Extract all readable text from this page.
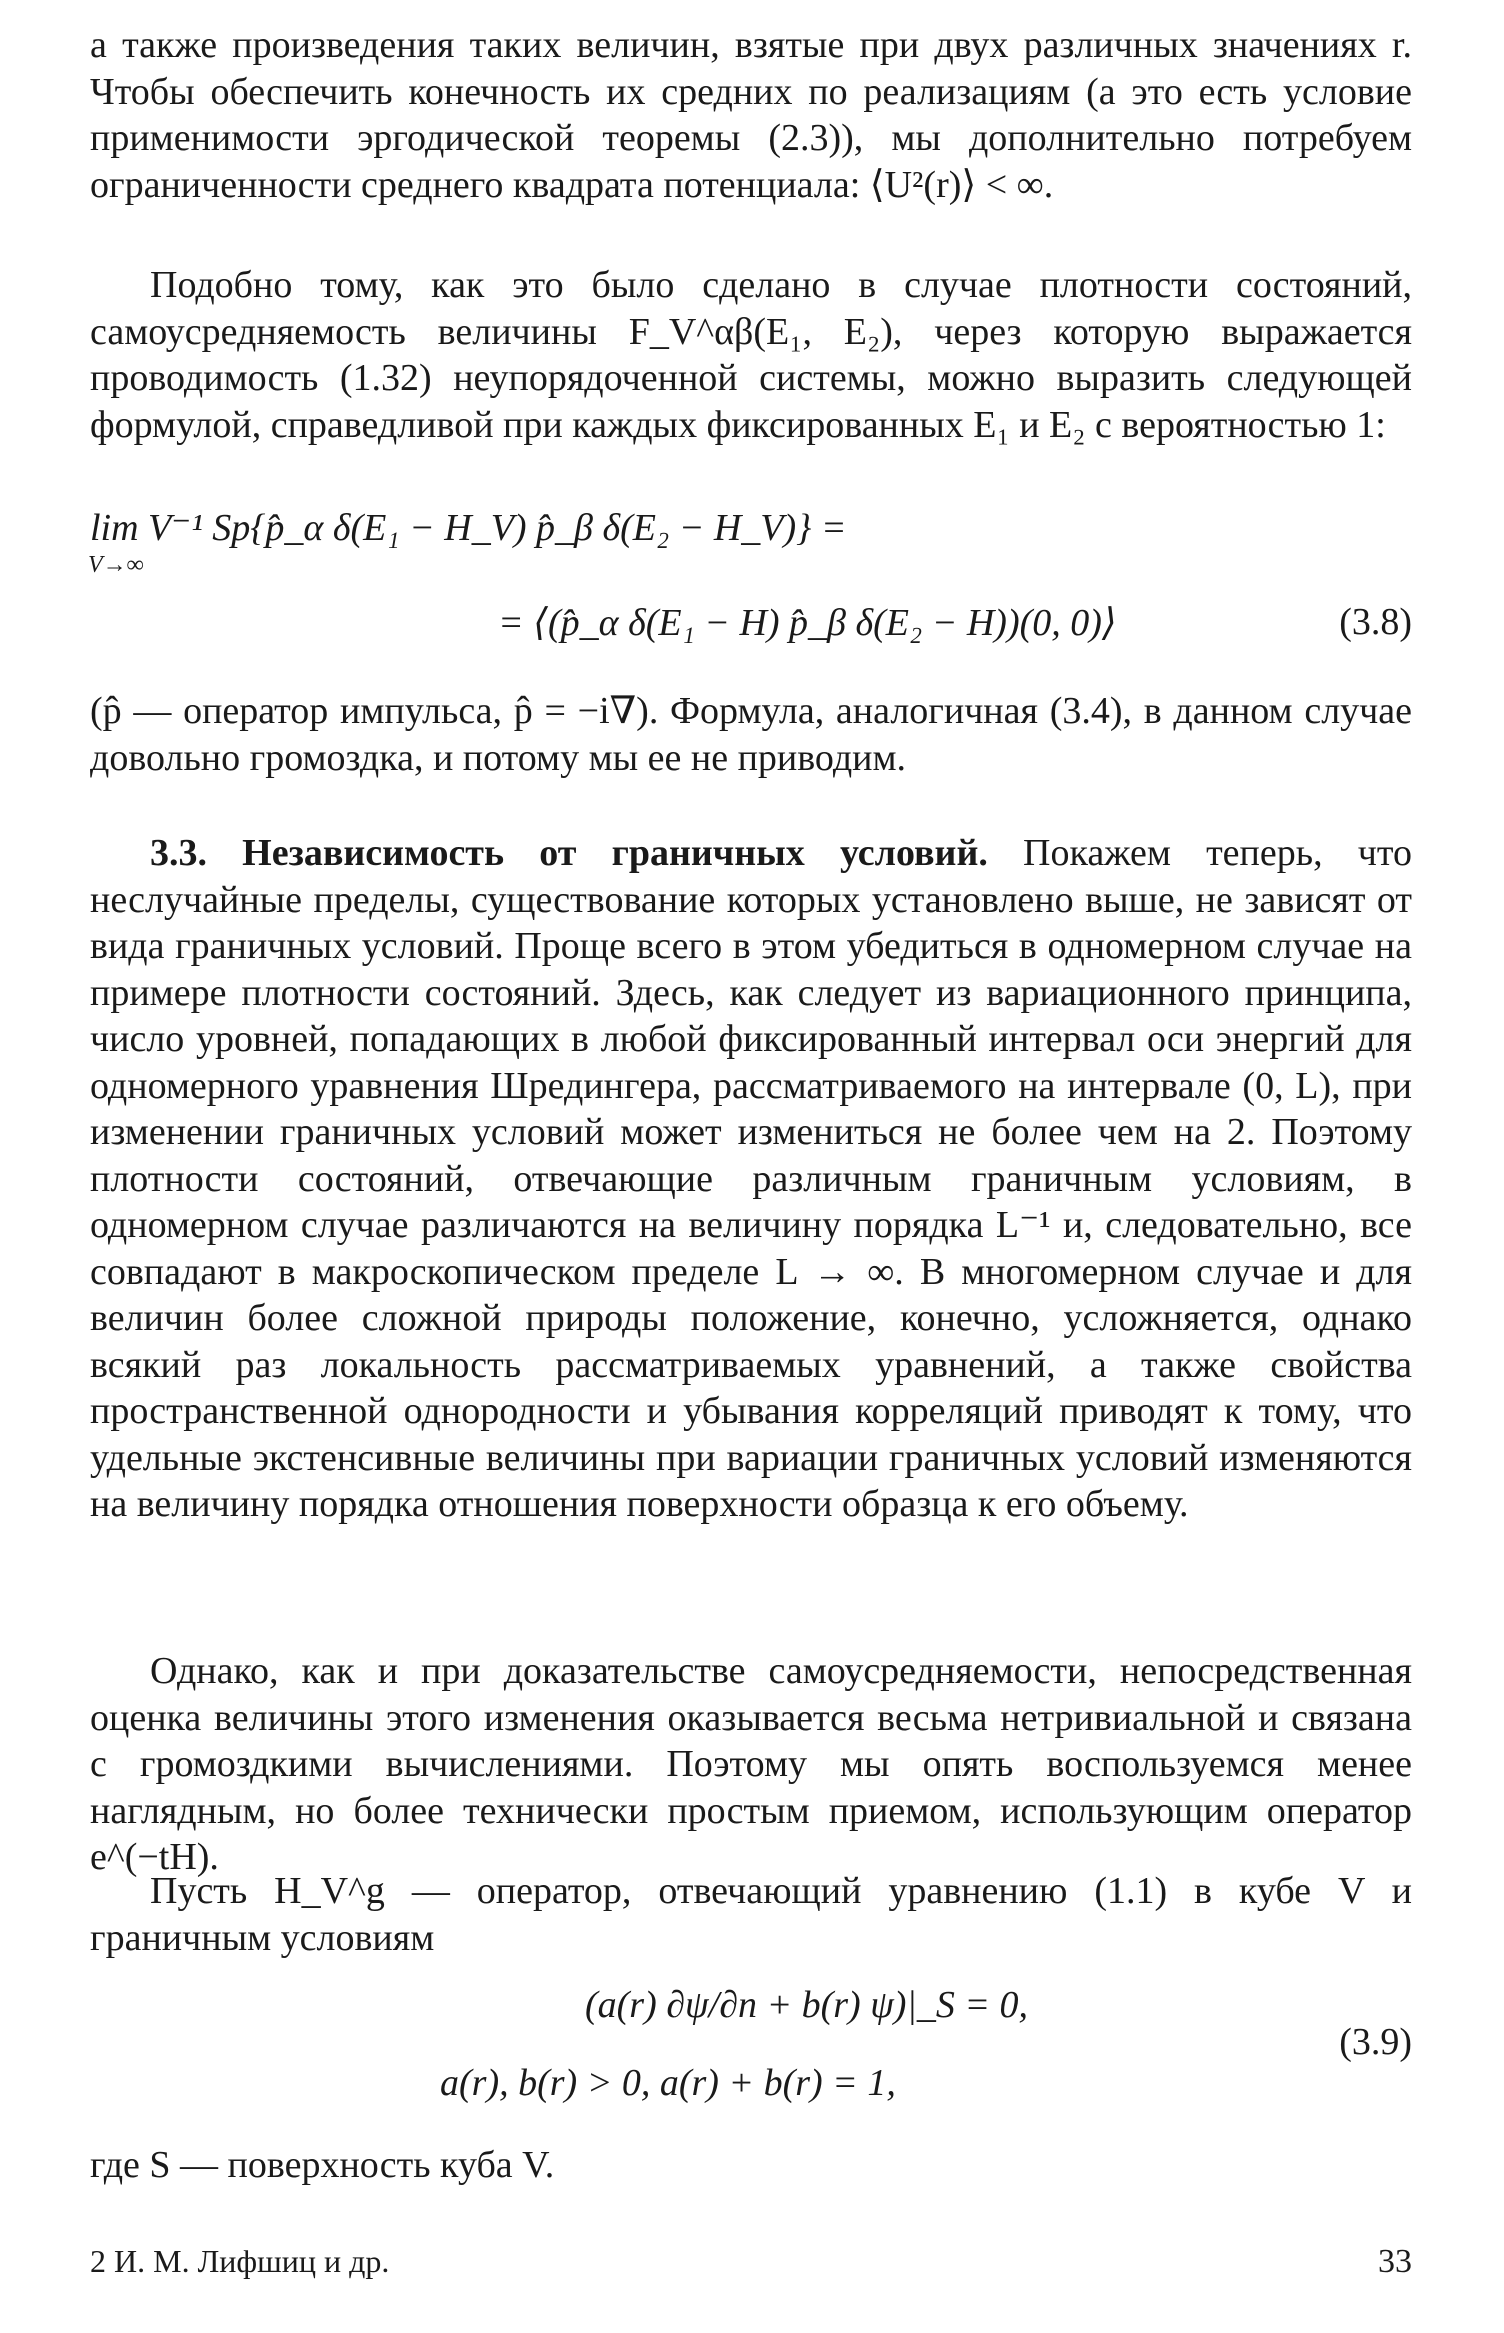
а также произведения таких величин, взятые при двух различных значениях r. Чтобы обеспечить конечность их средних по реализациям (а это есть условие применимости эргодической теоремы (2.3)), мы дополнительно потребуем ограниченности среднего квадрата потенциала: ⟨U²(r)⟩ < ∞.

Подобно тому, как это было сделано в случае плотности состояний, самоусредняемость величины F_V^αβ(E₁, E₂), через которую выражается проводимость (1.32) неупорядоченной системы, можно выразить следующей формулой, справедливой при каждых фиксированных E₁ и E₂ с вероятностью 1:

lim V⁻¹ Sp{p̂_α δ(E₁ − H_V) p̂_β δ(E₂ − H_V)} =
V→∞
= ⟨(p̂_α δ(E₁ − H) p̂_β δ(E₂ − H))(0, 0)⟩	(3.8)

(p̂ — оператор импульса, p̂ = −i∇). Формула, аналогичная (3.4), в данном случае довольно громоздка, и потому мы ее не приводим.

3.3. Независимость от граничных условий. Покажем теперь, что неслучайные пределы, существование которых установлено выше, не зависят от вида граничных условий. Проще всего в этом убедиться в одномерном случае на примере плотности состояний. Здесь, как следует из вариационного принципа, число уровней, попадающих в любой фиксированный интервал оси энергий для одномерного уравнения Шредингера, рассматриваемого на интервале (0, L), при изменении граничных условий может измениться не более чем на 2. Поэтому плотности состояний, отвечающие различным граничным условиям, в одномерном случае различаются на величину порядка L⁻¹ и, следовательно, все совпадают в макроскопическом пределе L → ∞. В многомерном случае и для величин более сложной природы положение, конечно, усложняется, однако всякий раз локальность рассматриваемых уравнений, а также свойства пространственной однородности и убывания корреляций приводят к тому, что удельные экстенсивные величины при вариации граничных условий изменяются на величину порядка отношения поверхности образца к его объему.

Однако, как и при доказательстве самоусредняемости, непосредственная оценка величины этого изменения оказывается весьма нетривиальной и связана с громоздкими вычислениями. Поэтому мы опять воспользуемся менее наглядным, но более технически простым приемом, использующим оператор e^(−tH).

Пусть H_V^g — оператор, отвечающий уравнению (1.1) в кубе V и граничным условиям

(a(r) ∂ψ/∂n + b(r) ψ)|_S = 0,
a(r), b(r) > 0, a(r) + b(r) = 1,
(3.9)

где S — поверхность куба V.

2 И. М. Лифшиц и др.	33
